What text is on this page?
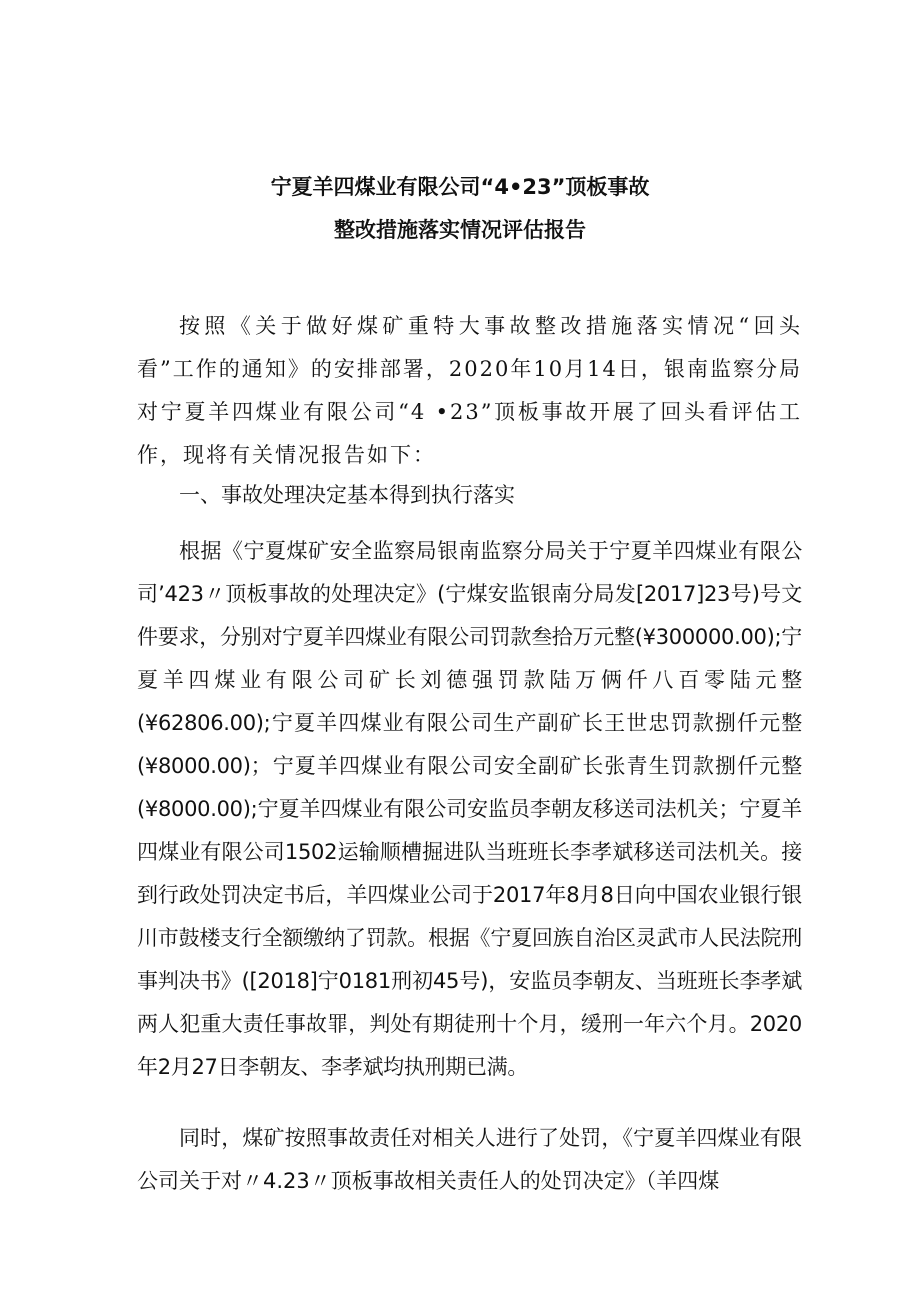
宁夏羊四煤业有限公司“4•23”顶板事故
整改措施落实情况评估报告

按照《关于做好煤矿重特大事故整改措施落实情况“回头看”工作的通知》的安排部署，2020年10月14日，银南监察分局对宁夏羊四煤业有限公司“4 •23”顶板事故开展了回头看评估工作，现将有关情况报告如下：

一、事故处理决定基本得到执行落实

根据《宁夏煤矿安全监察局银南监察分局关于宁夏羊四煤业有限公司’423〃顶板事故的处理决定》(宁煤安监银南分局发[2017]23号)号文件要求，分别对宁夏羊四煤业有限公司罚款叁拾万元整(¥300000.00);宁夏羊四煤业有限公司矿长刘德强罚款陆万俩仟八百零陆元整(¥62806.00);宁夏羊四煤业有限公司生产副矿长王世忠罚款捌仟元整(¥8000.00)；宁夏羊四煤业有限公司安全副矿长张青生罚款捌仟元整(¥8000.00);宁夏羊四煤业有限公司安监员李朝友移送司法机关；宁夏羊四煤业有限公司1502运输顺槽掘进队当班班长李孝斌移送司法机关。接到行政处罚决定书后，羊四煤业公司于2017年8月8日向中国农业银行银川市鼓楼支行全额缴纳了罚款。根据《宁夏回族自治区灵武市人民法院刑事判决书》([2018]宁0181刑初45号)，安监员李朝友、当班班长李孝斌两人犯重大责任事故罪，判处有期徒刑十个月，缓刑一年六个月。2020年2月27日李朝友、李孝斌均执刑期已满。

同时，煤矿按照事故责任对相关人进行了处罚，《宁夏羊四煤业有限公司关于对〃4.23〃顶板事故相关责任人的处罚决定》（羊四煤
